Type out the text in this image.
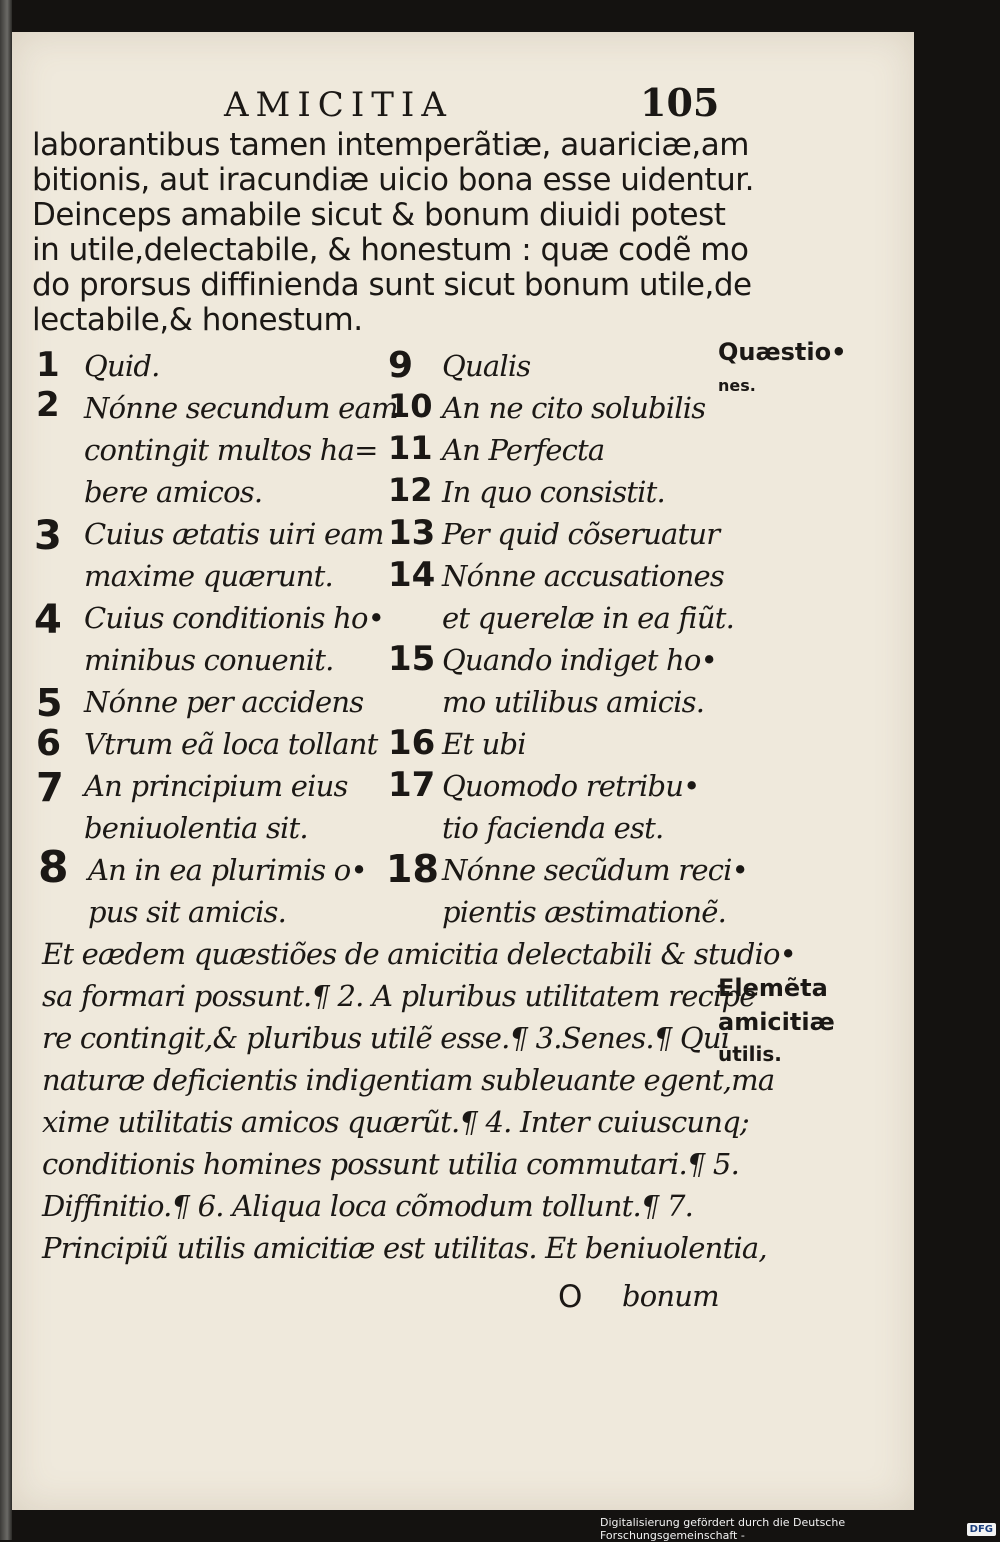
AMICITIA	105
laborantibus tamen intemperãtiæ, auariciæ,am
bitionis, aut iracundiæ uicio bona esse uidentur.
Deinceps amabile sicut & bonum diuidi potest
in utile,delectabile, & honestum : quæ codẽ mo
do prorsus diffinienda sunt sicut bonum utile,de
lectabile,& honestum.
1 Quid.
2 Nónne secundum eam
contingit multos ha=
bere amicos.
3 Cuius ætatis uiri eam
maxime quærunt.
4 Cuius conditionis ho•
minibus conuenit.
5 Nónne per accidens
6 Vtrum eã loca tollant
7 An principium eius
beniuolentia sit.
8 An in ea plurimis o•
pus sit amicis.
9 Qualis
10 An ne cito solubilis
11 An Perfecta
12 In quo consistit.
13 Per quid cõseruatur
14 Nónne accusationes
et querelæ in ea fiũt.
15 Quando indiget ho•
mo utilibus amicis.
16 Et ubi
17 Quomodo retribu•
tio facienda est.
18 Nónne secũdum reci•
pientis æstimationẽ.
Et eædem quæstiões de amicitia delectabili & studio•
sa formari possunt.¶ 2. A pluribus utilitatem recipe
re contingit,& pluribus utilẽ esse.¶ 3.Senes.¶ Qui
naturæ deficientis indigentiam subleuante egent,ma
xime utilitatis amicos quærũt.¶ 4. Inter cuiuscunq;
conditionis homines possunt utilia commutari.¶ 5.
Diffinitio.¶ 6. Aliqua loca cõmodum tollunt.¶ 7.
Principiũ utilis amicitiæ est utilitas. Et beniuolentia,
O bonum
Quæstio•
nes.
Elemẽta
amicitiæ
utilis.
Digitalisierung gefördert durch die Deutsche Forschungsgemeinschaft -	DFG
